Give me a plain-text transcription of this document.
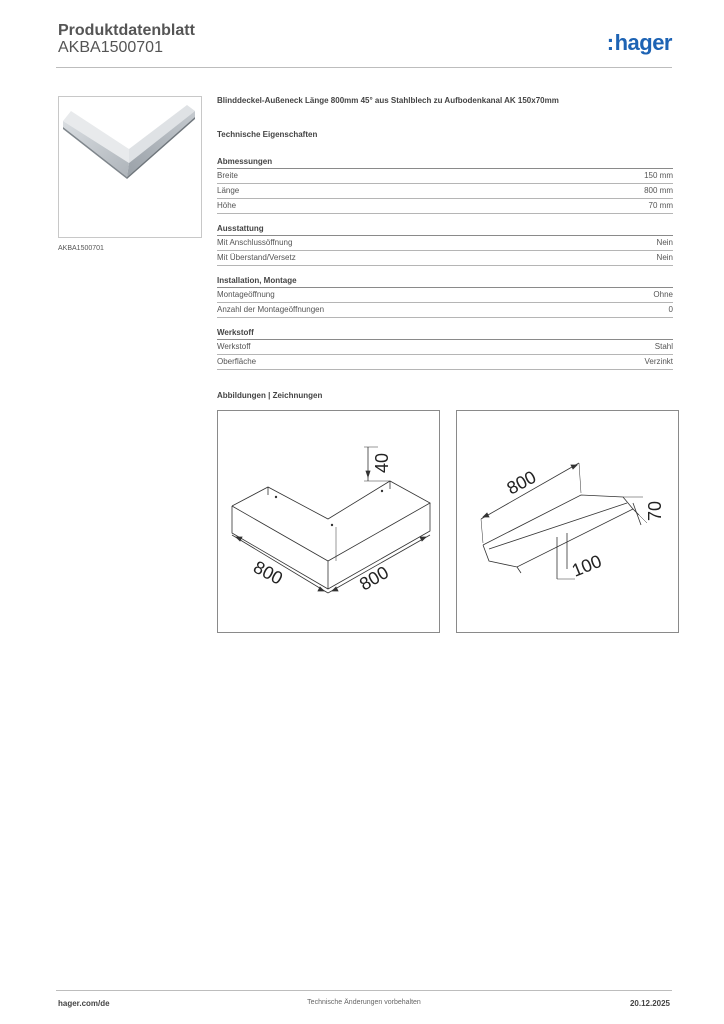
Produktdatenblatt
AKBA1500701	:hager
AKBA1500701
Blinddeckel-Außeneck Länge 800mm 45° aus Stahlblech zu Aufbodenkanal AK 150x70mm
Technische Eigenschaften
Abmessungen
Breite	150 mm
Länge	800 mm
Höhe	70 mm
Ausstattung
Mit Anschlussöffnung	Nein
Mit Überstand/Versetz	Nein
Installation, Montage
Montageöffnung	Ohne
Anzahl der Montageöffnungen	0
Werkstoff
Werkstoff	Stahl
Oberfläche	Verzinkt
Abbildungen | Zeichnungen
40
800	800
800
70
100
hager.com/de	Technische Änderungen vorbehalten	20.12.2025
